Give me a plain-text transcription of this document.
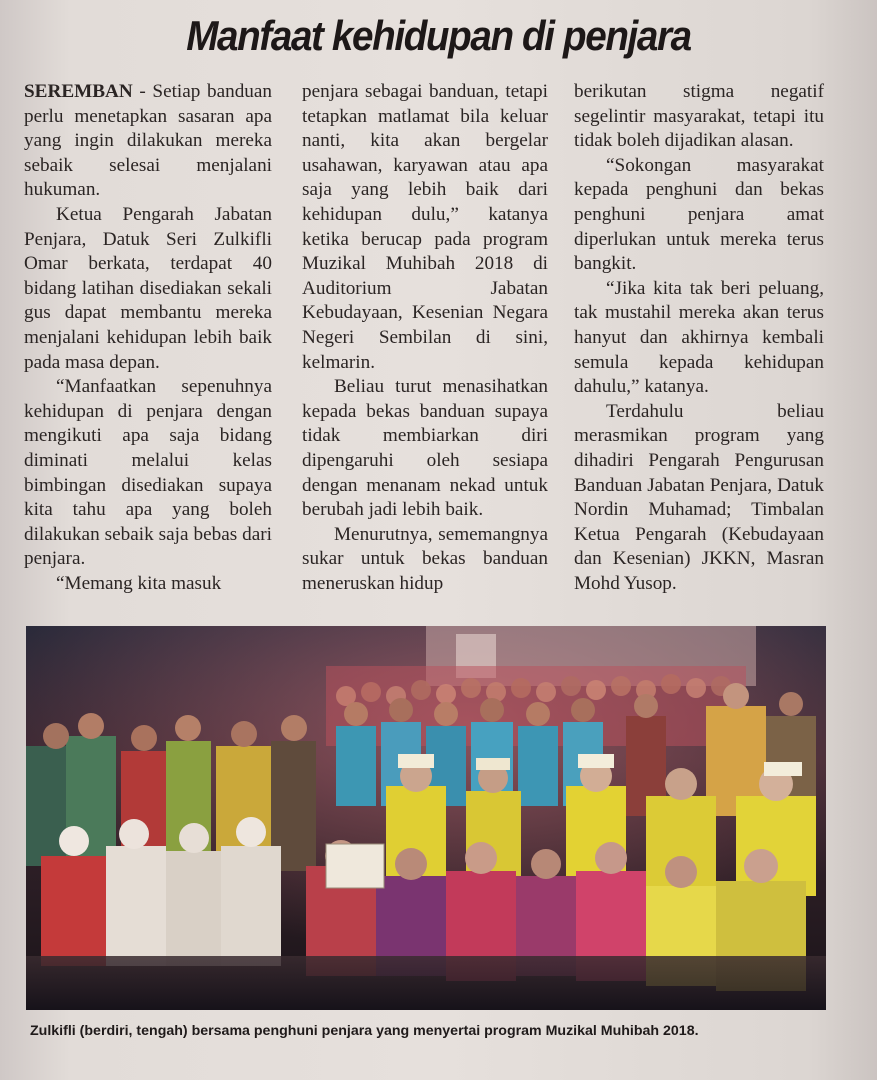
Manfaat kehidupan di penjara

SEREMBAN - Setiap banduan perlu menetapkan sasaran apa yang ingin dilakukan mereka sebaik selesai menjalani hukuman.

Ketua Pengarah Jabatan Penjara, Datuk Seri Zulkifli Omar berkata, terdapat 40 bidang latihan disediakan sekali gus dapat membantu mereka menjalani kehidupan lebih baik pada masa depan.

“Manfaatkan sepenuhnya kehidupan di penjara dengan mengikuti apa saja bidang diminati melalui kelas bimbingan disediakan supaya kita tahu apa yang boleh dilakukan sebaik saja bebas dari penjara.

“Memang kita masuk

penjara sebagai banduan, tetapi tetapkan matlamat bila keluar nanti, kita akan bergelar usahawan, karyawan atau apa saja yang lebih baik dari kehidupan dulu,” katanya ketika berucap pada program Muzikal Muhibah 2018 di Auditorium Jabatan Kebudayaan, Kesenian Negara Negeri Sembilan di sini, kelmarin.

Beliau turut menasihatkan kepada bekas banduan supaya tidak membiarkan diri dipengaruhi oleh sesiapa dengan menanam nekad untuk berubah jadi lebih baik.

Menurutnya, sememangnya sukar untuk bekas banduan meneruskan hidup

berikutan stigma negatif segelintir masyarakat, tetapi itu tidak boleh dijadikan alasan.

“Sokongan masyarakat kepada penghuni dan bekas penghuni penjara amat diperlukan untuk mereka terus bangkit.

“Jika kita tak beri peluang, tak mustahil mereka akan terus hanyut dan akhirnya kembali semula kepada kehidupan dahulu,” katanya.

Terdahulu beliau merasmikan program yang dihadiri Pengarah Pengurusan Banduan Jabatan Penjara, Datuk Nordin Muhamad; Timbalan Ketua Pengarah (Kebudayaan dan Kesenian) JKKN, Masran Mohd Yusop.

Zulkifli (berdiri, tengah) bersama penghuni penjara yang menyertai program Muzikal Muhibah 2018.
